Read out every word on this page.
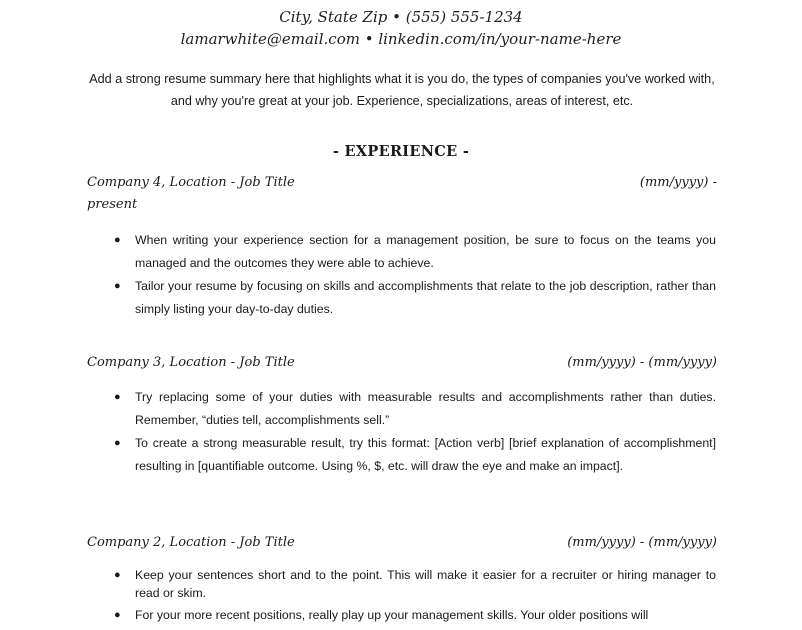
City, State Zip • (555) 555-1234
lamarwhite@email.com • linkedin.com/in/your-name-here
Add a strong resume summary here that highlights what it is you do, the types of companies you've worked with, and why you're great at your job. Experience, specializations, areas of interest, etc.
- EXPERIENCE -
Company 4, Location - Job Title	(mm/yyyy) -
present
● When writing your experience section for a management position, be sure to focus on the teams you managed and the outcomes they were able to achieve.
● Tailor your resume by focusing on skills and accomplishments that relate to the job description, rather than simply listing your day-to-day duties.
Company 3, Location - Job Title	(mm/yyyy) - (mm/yyyy)
● Try replacing some of your duties with measurable results and accomplishments rather than duties. Remember, “duties tell, accomplishments sell.”
● To create a strong measurable result, try this format: [Action verb] [brief explanation of accomplishment] resulting in [quantifiable outcome. Using %, $, etc. will draw the eye and make an impact].
Company 2, Location - Job Title	(mm/yyyy) - (mm/yyyy)
● Keep your sentences short and to the point. This will make it easier for a recruiter or hiring manager to read or skim.
● For your more recent positions, really play up your management skills. Your older positions will
